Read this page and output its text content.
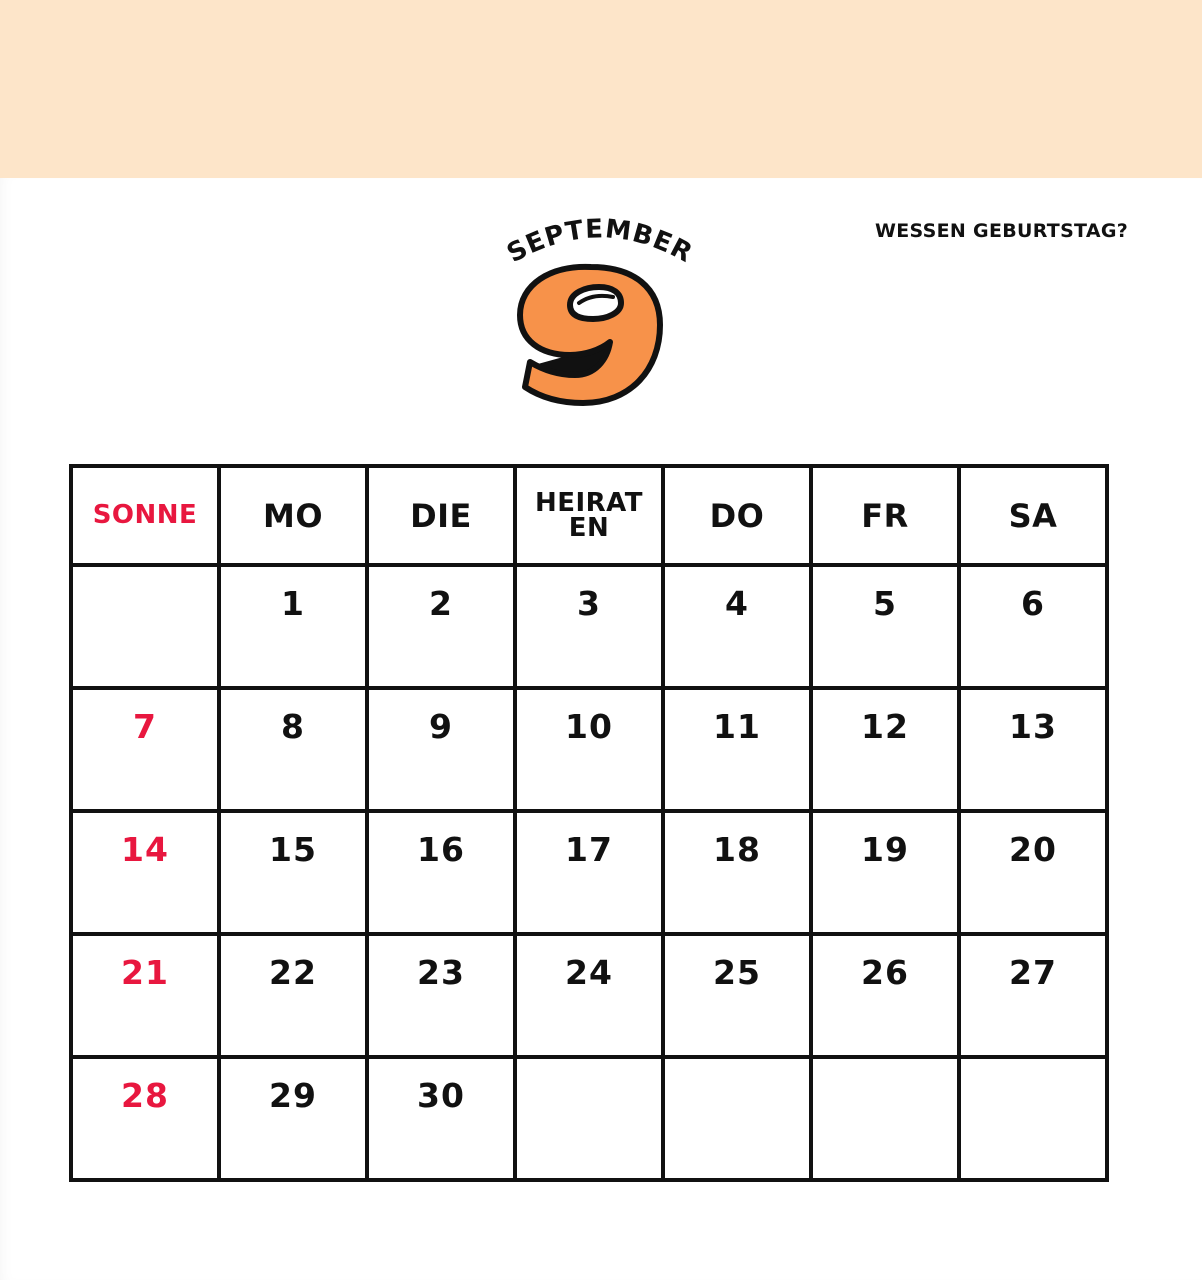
WESSEN GEBURTSTAG?
SEPTEMBER
SONNE	MO	DIE	HEIRATEN	DO	FR	SA

	1	2	3	4	5	6

7	8	9	10	11	12	13

14	15	16	17	18	19	20

21	22	23	24	25	26	27

28	29	30				
